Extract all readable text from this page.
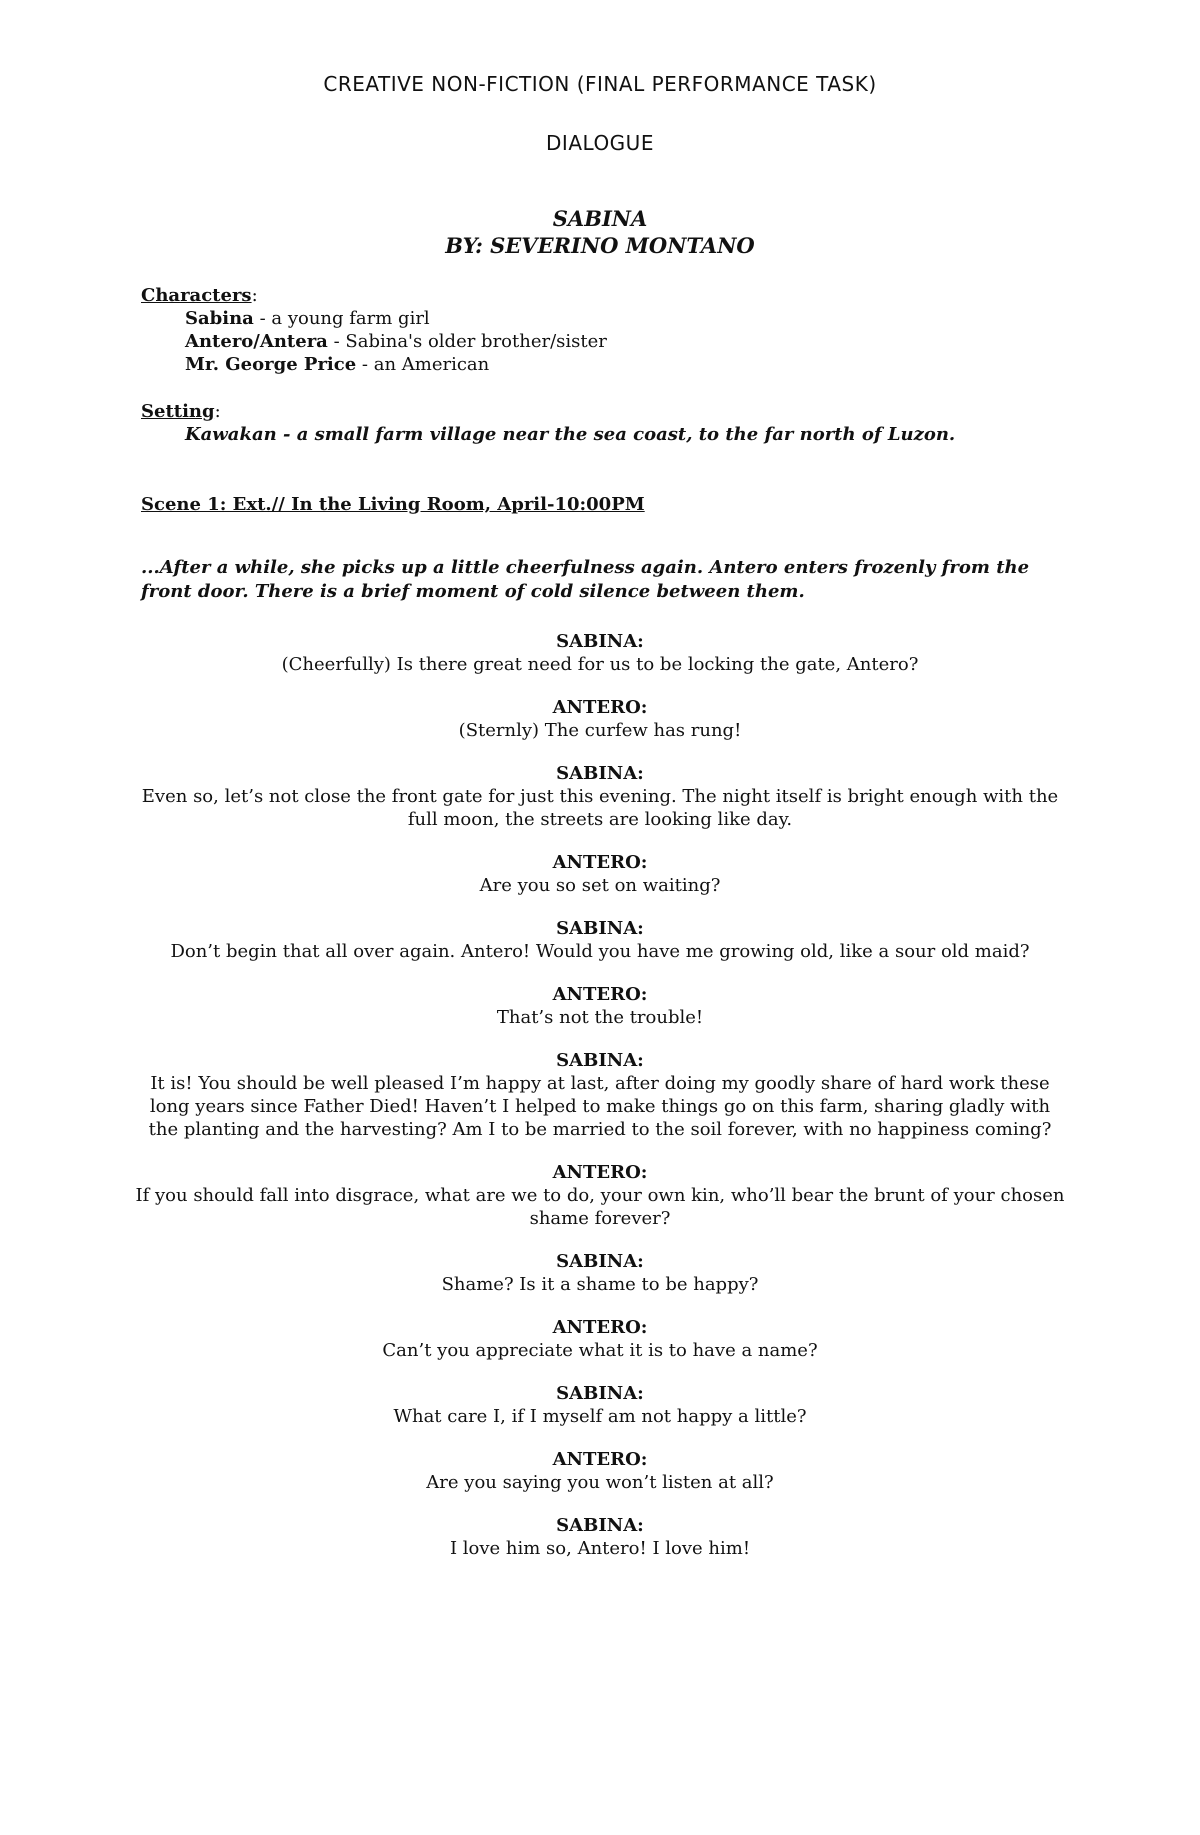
CREATIVE NON-FICTION (FINAL PERFORMANCE TASK)
DIALOGUE
SABINA
BY: SEVERINO MONTANO
Characters:
Sabina - a young farm girl
Antero/Antera - Sabina's older brother/sister
Mr. George Price - an American
Setting:
Kawakan - a small farm village near the sea coast, to the far north of Luzon.
Scene 1: Ext.// In the Living Room, April-10:00PM
...After a while, she picks up a little cheerfulness again. Antero enters frozenly from the front door. There is a brief moment of cold silence between them.
SABINA:
(Cheerfully) Is there great need for us to be locking the gate, Antero?
ANTERO:
(Sternly) The curfew has rung!
SABINA:
Even so, let’s not close the front gate for just this evening. The night itself is bright enough with the full moon, the streets are looking like day.
ANTERO:
Are you so set on waiting?
SABINA:
Don’t begin that all over again. Antero! Would you have me growing old, like a sour old maid?
ANTERO:
That’s not the trouble!
SABINA:
It is! You should be well pleased I’m happy at last, after doing my goodly share of hard work these long years since Father Died! Haven’t I helped to make things go on this farm, sharing gladly with the planting and the harvesting? Am I to be married to the soil forever, with no happiness coming?
ANTERO:
If you should fall into disgrace, what are we to do, your own kin, who’ll bear the brunt of your chosen shame forever?
SABINA:
Shame? Is it a shame to be happy?
ANTERO:
Can’t you appreciate what it is to have a name?
SABINA:
What care I, if I myself am not happy a little?
ANTERO:
Are you saying you won’t listen at all?
SABINA:
I love him so, Antero! I love him!
